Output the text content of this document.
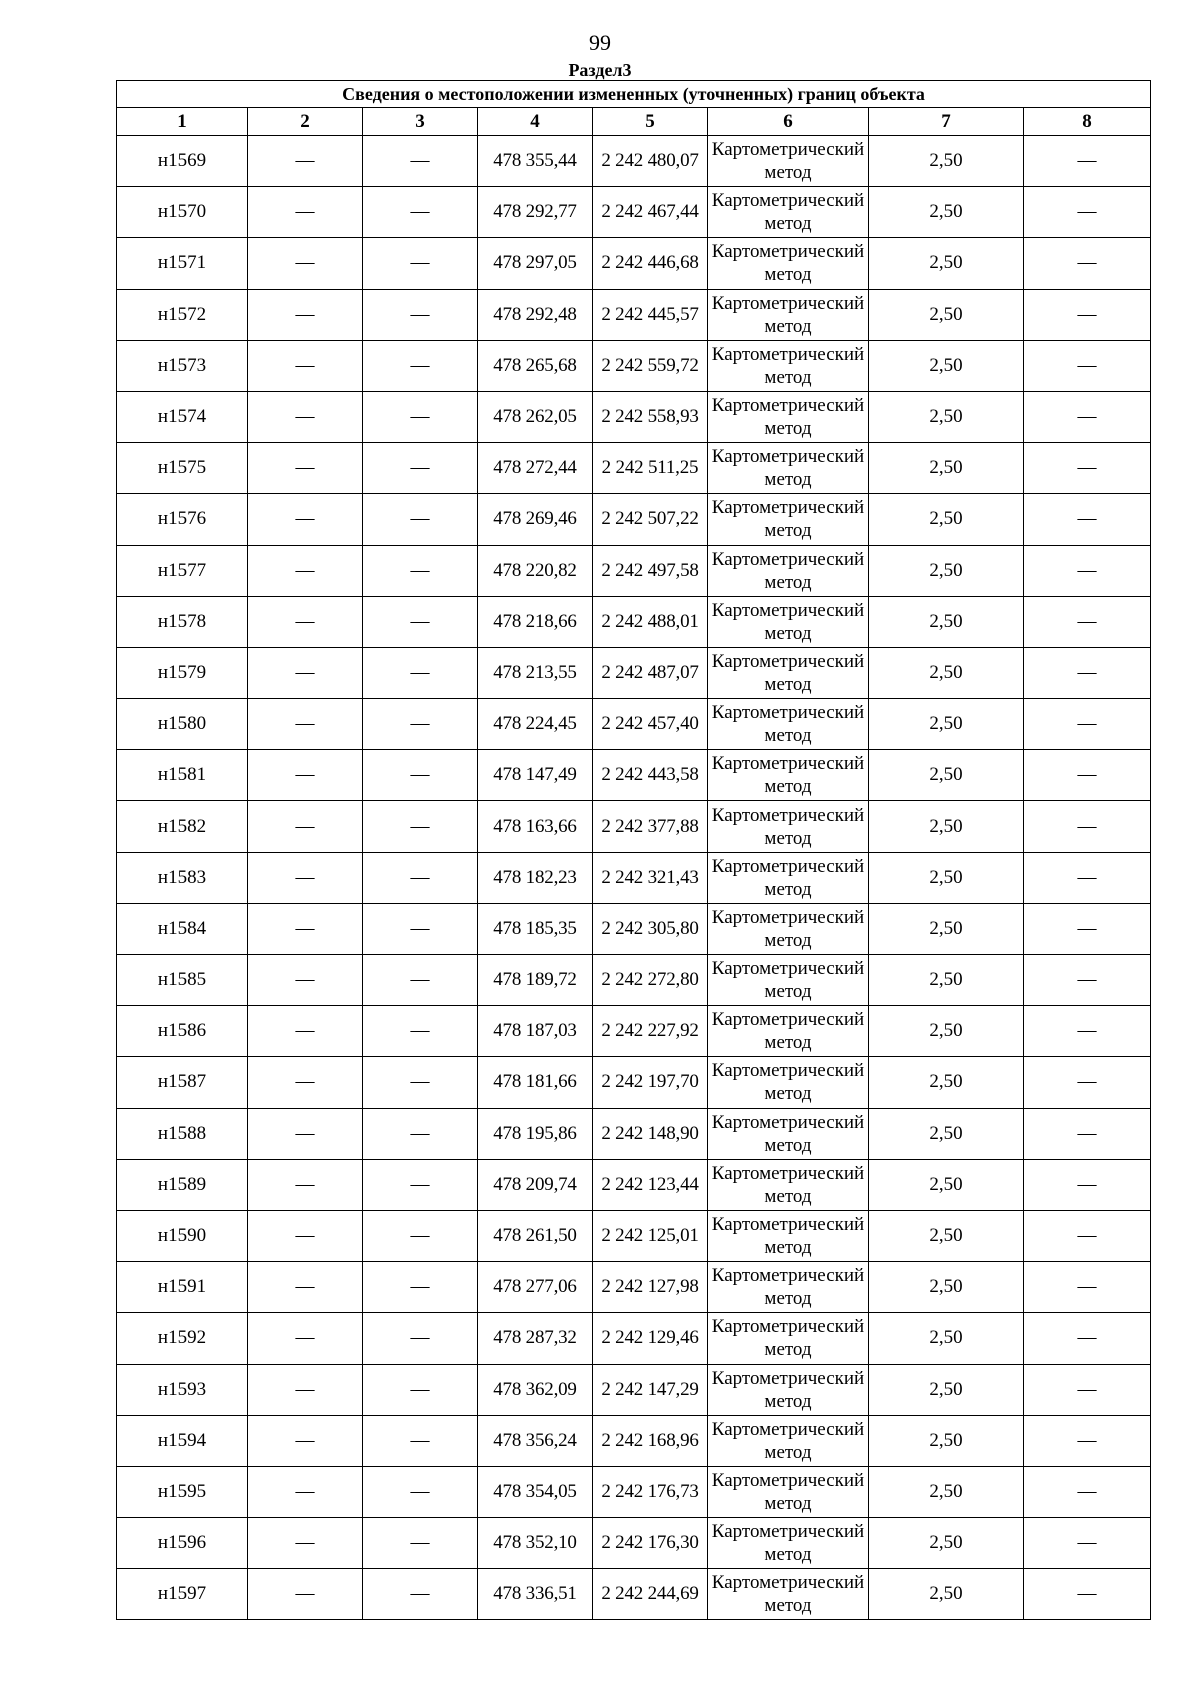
99
Раздел3
Сведения о местоположении измененных (уточненных) границ объекта							
1	2	3	4	5	6	7	8
н1569	—	—	478 355,44	2 242 480,07	Картометрический метод	2,50	—
н1570	—	—	478 292,77	2 242 467,44	Картометрический метод	2,50	—
н1571	—	—	478 297,05	2 242 446,68	Картометрический метод	2,50	—
н1572	—	—	478 292,48	2 242 445,57	Картометрический метод	2,50	—
н1573	—	—	478 265,68	2 242 559,72	Картометрический метод	2,50	—
н1574	—	—	478 262,05	2 242 558,93	Картометрический метод	2,50	—
н1575	—	—	478 272,44	2 242 511,25	Картометрический метод	2,50	—
н1576	—	—	478 269,46	2 242 507,22	Картометрический метод	2,50	—
н1577	—	—	478 220,82	2 242 497,58	Картометрический метод	2,50	—
н1578	—	—	478 218,66	2 242 488,01	Картометрический метод	2,50	—
н1579	—	—	478 213,55	2 242 487,07	Картометрический метод	2,50	—
н1580	—	—	478 224,45	2 242 457,40	Картометрический метод	2,50	—
н1581	—	—	478 147,49	2 242 443,58	Картометрический метод	2,50	—
н1582	—	—	478 163,66	2 242 377,88	Картометрический метод	2,50	—
н1583	—	—	478 182,23	2 242 321,43	Картометрический метод	2,50	—
н1584	—	—	478 185,35	2 242 305,80	Картометрический метод	2,50	—
н1585	—	—	478 189,72	2 242 272,80	Картометрический метод	2,50	—
н1586	—	—	478 187,03	2 242 227,92	Картометрический метод	2,50	—
н1587	—	—	478 181,66	2 242 197,70	Картометрический метод	2,50	—
н1588	—	—	478 195,86	2 242 148,90	Картометрический метод	2,50	—
н1589	—	—	478 209,74	2 242 123,44	Картометрический метод	2,50	—
н1590	—	—	478 261,50	2 242 125,01	Картометрический метод	2,50	—
н1591	—	—	478 277,06	2 242 127,98	Картометрический метод	2,50	—
н1592	—	—	478 287,32	2 242 129,46	Картометрический метод	2,50	—
н1593	—	—	478 362,09	2 242 147,29	Картометрический метод	2,50	—
н1594	—	—	478 356,24	2 242 168,96	Картометрический метод	2,50	—
н1595	—	—	478 354,05	2 242 176,73	Картометрический метод	2,50	—
н1596	—	—	478 352,10	2 242 176,30	Картометрический метод	2,50	—
н1597	—	—	478 336,51	2 242 244,69	Картометрический метод	2,50	—
